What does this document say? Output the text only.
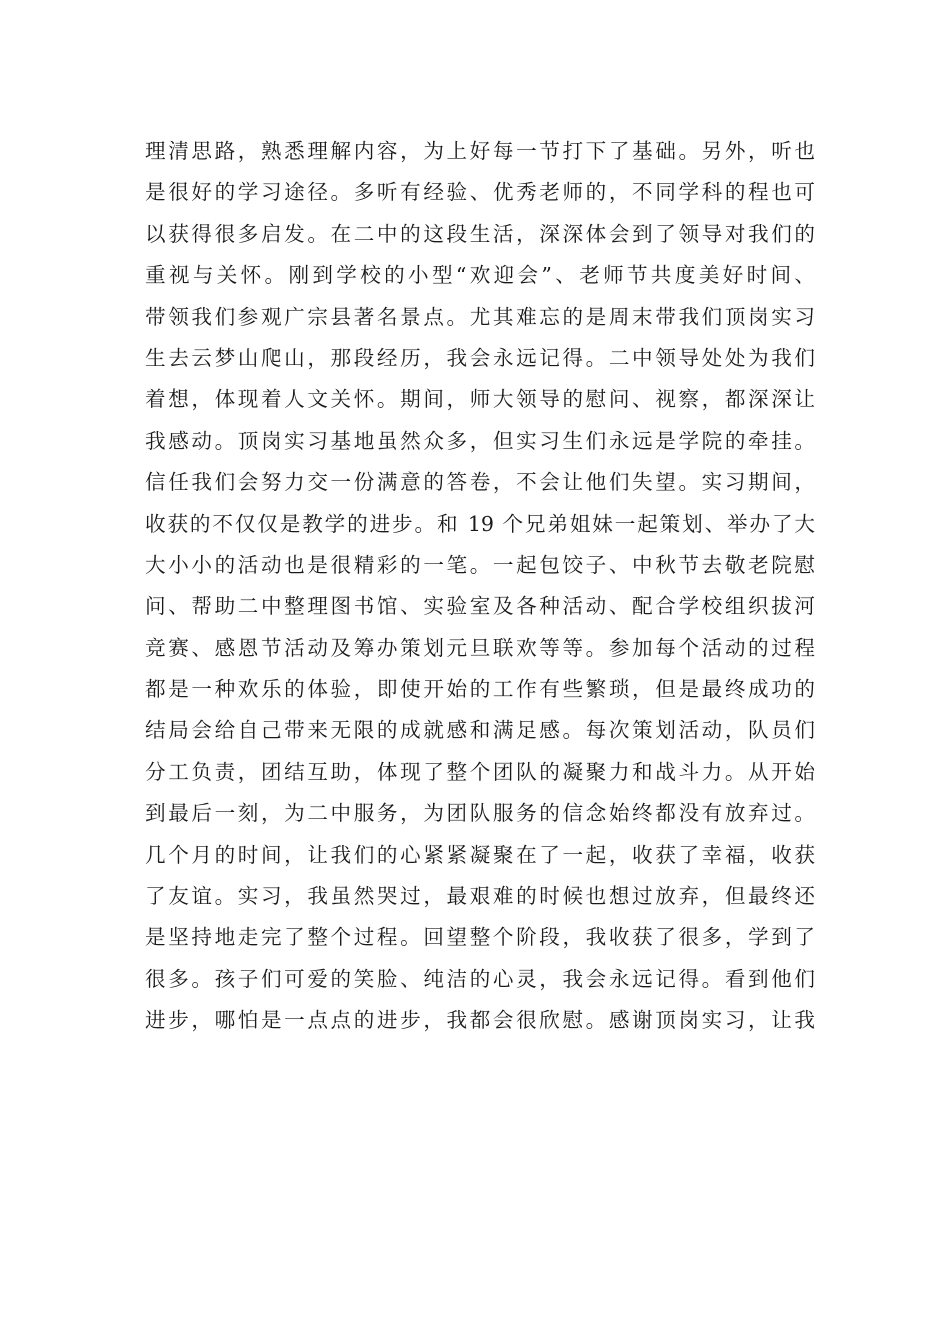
理清思路，熟悉理解内容，为上好每一节打下了基础。另外，听也
是很好的学习途径。多听有经验、优秀老师的，不同学科的程也可
以获得很多启发。在二中的这段生活，深深体会到了领导对我们的
重视与关怀。刚到学校的小型“欢迎会”、老师节共度美好时间、
带领我们参观广宗县著名景点。尤其难忘的是周末带我们顶岗实习
生去云梦山爬山，那段经历，我会永远记得。二中领导处处为我们
着想，体现着人文关怀。期间，师大领导的慰问、视察，都深深让
我感动。顶岗实习基地虽然众多，但实习生们永远是学院的牵挂。
信任我们会努力交一份满意的答卷，不会让他们失望。实习期间，
收获的不仅仅是教学的进步。和 19 个兄弟姐妹一起策划、举办了大
大小小的活动也是很精彩的一笔。一起包饺子、中秋节去敬老院慰
问、帮助二中整理图书馆、实验室及各种活动、配合学校组织拔河
竞赛、感恩节活动及筹办策划元旦联欢等等。参加每个活动的过程
都是一种欢乐的体验，即使开始的工作有些繁琐，但是最终成功的
结局会给自己带来无限的成就感和满足感。每次策划活动，队员们
分工负责，团结互助，体现了整个团队的凝聚力和战斗力。从开始
到最后一刻，为二中服务，为团队服务的信念始终都没有放弃过。
几个月的时间，让我们的心紧紧凝聚在了一起，收获了幸福，收获
了友谊。实习，我虽然哭过，最艰难的时候也想过放弃，但最终还
是坚持地走完了整个过程。回望整个阶段，我收获了很多，学到了
很多。孩子们可爱的笑脸、纯洁的心灵，我会永远记得。看到他们
进步，哪怕是一点点的进步，我都会很欣慰。感谢顶岗实习，让我
